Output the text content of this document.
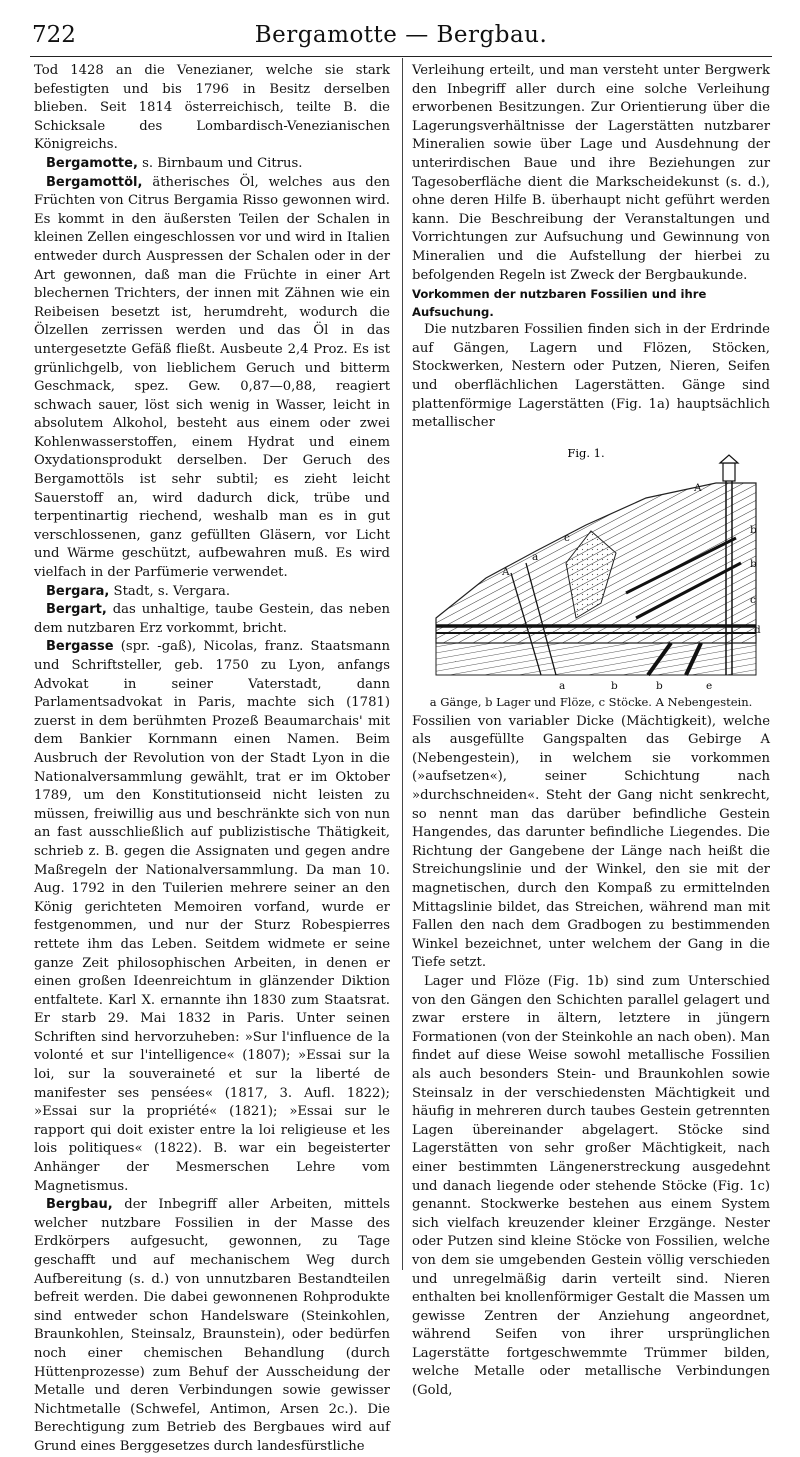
722	Bergamotte — Bergbau.

Tod 1428 an die Venezianer, welche sie stark befestigten und bis 1796 in Besitz derselben blieben. Seit 1814 österreichisch, teilte B. die Schicksale des Lombardisch-Venezianischen Königreichs.

Bergamotte, s. Birnbaum und Citrus.

Bergamottöl, ätherisches Öl, welches aus den Früchten von Citrus Bergamia Risso gewonnen wird. Es kommt in den äußersten Teilen der Schalen in kleinen Zellen eingeschlossen vor und wird in Italien entweder durch Auspressen der Schalen oder in der Art gewonnen, daß man die Früchte in einer Art blechernen Trichters, der innen mit Zähnen wie ein Reibeisen besetzt ist, herumdreht, wodurch die Ölzellen zerrissen werden und das Öl in das untergesetzte Gefäß fließt. Ausbeute 2,4 Proz. Es ist grünlichgelb, von lieblichem Geruch und bitterm Geschmack, spez. Gew. 0,87—0,88, reagiert schwach sauer, löst sich wenig in Wasser, leicht in absolutem Alkohol, besteht aus einem oder zwei Kohlenwasserstoffen, einem Hydrat und einem Oxydationsprodukt derselben. Der Geruch des Bergamottöls ist sehr subtil; es zieht leicht Sauerstoff an, wird dadurch dick, trübe und terpentinartig riechend, weshalb man es in gut verschlossenen, ganz gefüllten Gläsern, vor Licht und Wärme geschützt, aufbewahren muß. Es wird vielfach in der Parfümerie verwendet.

Bergara, Stadt, s. Vergara.

Bergart, das unhaltige, taube Gestein, das neben dem nutzbaren Erz vorkommt, bricht.

Bergasse (spr. -gaß), Nicolas, franz. Staatsmann und Schriftsteller, geb. 1750 zu Lyon, anfangs Advokat in seiner Vaterstadt, dann Parlamentsadvokat in Paris, machte sich (1781) zuerst in dem berühmten Prozeß Beaumarchais' mit dem Bankier Kornmann einen Namen. Beim Ausbruch der Revolution von der Stadt Lyon in die Nationalversammlung gewählt, trat er im Oktober 1789, um den Konstitutionseid nicht leisten zu müssen, freiwillig aus und beschränkte sich von nun an fast ausschließlich auf publizistische Thätigkeit, schrieb z. B. gegen die Assignaten und gegen andre Maßregeln der Nationalversammlung. Da man 10. Aug. 1792 in den Tuilerien mehrere seiner an den König gerichteten Memoiren vorfand, wurde er festgenommen, und nur der Sturz Robespierres rettete ihm das Leben. Seitdem widmete er seine ganze Zeit philosophischen Arbeiten, in denen er einen großen Ideenreichtum in glänzender Diktion entfaltete. Karl X. ernannte ihn 1830 zum Staatsrat. Er starb 29. Mai 1832 in Paris. Unter seinen Schriften sind hervorzuheben: »Sur l'influence de la volonté et sur l'intelligence« (1807); »Essai sur la loi, sur la souveraineté et sur la liberté de manifester ses pensées« (1817, 3. Aufl. 1822); »Essai sur la propriété« (1821); »Essai sur le rapport qui doit exister entre la loi religieuse et les lois politiques« (1822). B. war ein begeisterter Anhänger der Mesmerschen Lehre vom Magnetismus.

Bergbau, der Inbegriff aller Arbeiten, mittels welcher nutzbare Fossilien in der Masse des Erdkörpers aufgesucht, gewonnen, zu Tage geschafft und auf mechanischem Weg durch Aufbereitung (s. d.) von unnutzbaren Bestandteilen befreit werden. Die dabei gewonnenen Rohprodukte sind entweder schon Handelsware (Steinkohlen, Braunkohlen, Steinsalz, Braunstein), oder bedürfen noch einer chemischen Behandlung (durch Hüttenprozesse) zum Behuf der Ausscheidung der Metalle und deren Verbindungen sowie gewisser Nichtmetalle (Schwefel, Antimon, Arsen 2c.). Die Berechtigung zum Betrieb des Bergbaues wird auf Grund eines Berggesetzes durch landesfürstliche

Verleihung erteilt, und man versteht unter Bergwerk den Inbegriff aller durch eine solche Verleihung erworbenen Besitzungen. Zur Orientierung über die Lagerungsverhältnisse der Lagerstätten nutzbarer Mineralien sowie über Lage und Ausdehnung der unterirdischen Baue und ihre Beziehungen zur Tagesoberfläche dient die Markscheidekunst (s. d.), ohne deren Hilfe B. überhaupt nicht geführt werden kann. Die Beschreibung der Veranstaltungen und Vorrichtungen zur Aufsuchung und Gewinnung von Mineralien und die Aufstellung der hierbei zu befolgenden Regeln ist Zweck der Bergbaukunde.

Vorkommen der nutzbaren Fossilien und ihre Aufsuchung.

Die nutzbaren Fossilien finden sich in der Erdrinde auf Gängen, Lagern und Flözen, Stöcken, Stockwerken, Nestern oder Putzen, Nieren, Seifen und oberflächlichen Lagerstätten. Gänge sind plattenförmige Lagerstätten (Fig. 1a) hauptsächlich metallischer

Fig. 1.
A
c
a
A
b
b
c
d
a	b	b	e
a Gänge, b Lager und Flöze, c Stöcke. A Nebengestein.

Fossilien von variabler Dicke (Mächtigkeit), welche als ausgefüllte Gangspalten das Gebirge A (Nebengestein), in welchem sie vorkommen (»aufsetzen«), seiner Schichtung nach »durchschneiden«. Steht der Gang nicht senkrecht, so nennt man das darüber befindliche Gestein Hangendes, das darunter befindliche Liegendes. Die Richtung der Gangebene der Länge nach heißt die Streichungslinie und der Winkel, den sie mit der magnetischen, durch den Kompaß zu ermittelnden Mittagslinie bildet, das Streichen, während man mit Fallen den nach dem Gradbogen zu bestimmenden Winkel bezeichnet, unter welchem der Gang in die Tiefe setzt.

Lager und Flöze (Fig. 1b) sind zum Unterschied von den Gängen den Schichten parallel gelagert und zwar erstere in ältern, letztere in jüngern Formationen (von der Steinkohle an nach oben). Man findet auf diese Weise sowohl metallische Fossilien als auch besonders Stein- und Braunkohlen sowie Steinsalz in der verschiedensten Mächtigkeit und häufig in mehreren durch taubes Gestein getrennten Lagen übereinander abgelagert. Stöcke sind Lagerstätten von sehr großer Mächtigkeit, nach einer bestimmten Längenerstreckung ausgedehnt und danach liegende oder stehende Stöcke (Fig. 1c) genannt. Stockwerke bestehen aus einem System sich vielfach kreuzender kleiner Erzgänge. Nester oder Putzen sind kleine Stöcke von Fossilien, welche von dem sie umgebenden Gestein völlig verschieden und unregelmäßig darin verteilt sind. Nieren enthalten bei knollenförmiger Gestalt die Massen um gewisse Zentren der Anziehung angeordnet, während Seifen von ihrer ursprünglichen Lagerstätte fortgeschwemmte Trümmer bilden, welche Metalle oder metallische Verbindungen (Gold,
